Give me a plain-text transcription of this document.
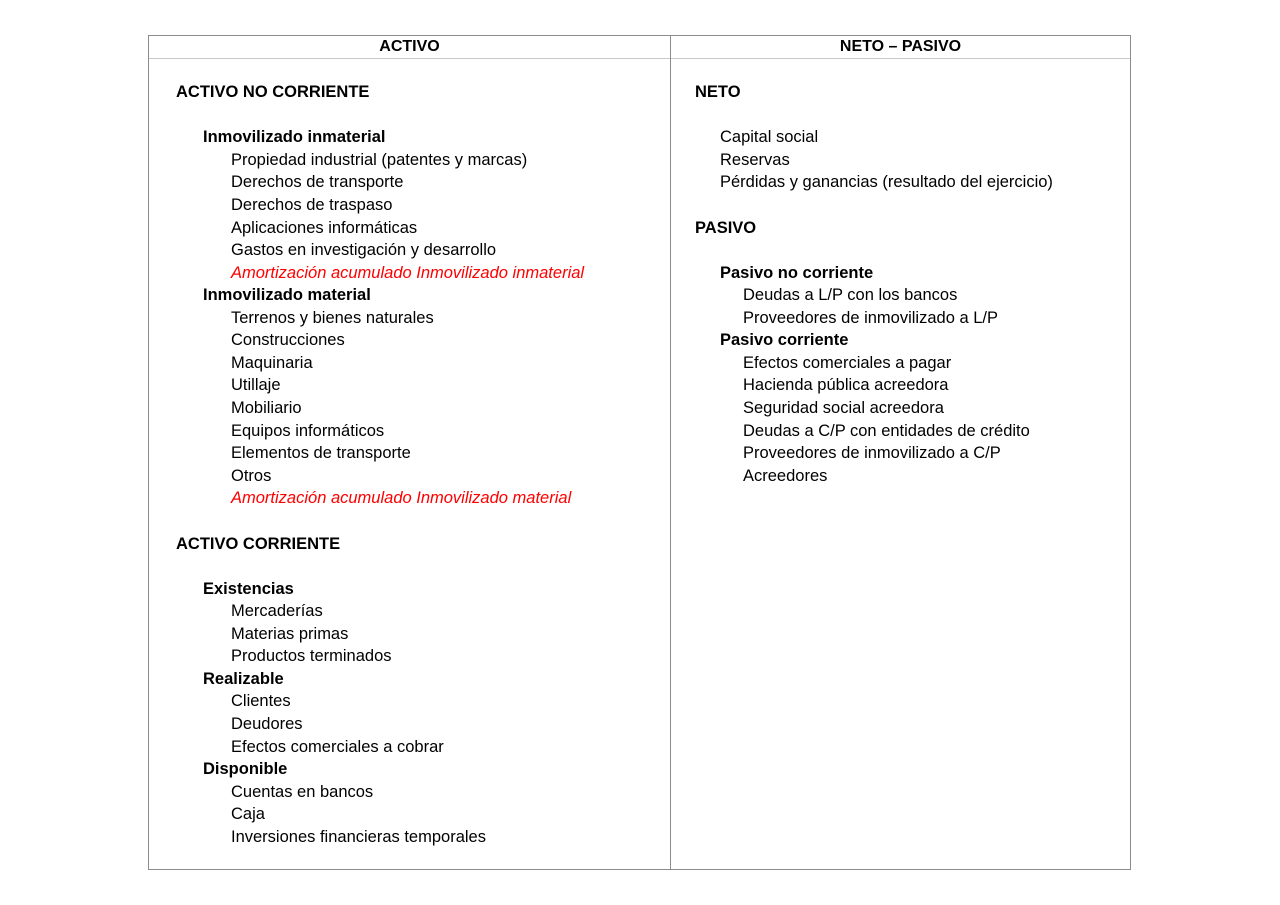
ACTIVO
ACTIVO NO CORRIENTE
Inmovilizado inmaterial
Propiedad industrial (patentes y marcas)
Derechos de transporte
Derechos de traspaso
Aplicaciones informáticas
Gastos en investigación y desarrollo
Amortización acumulado Inmovilizado inmaterial
Inmovilizado material
Terrenos y bienes naturales
Construcciones
Maquinaria
Utillaje
Mobiliario
Equipos informáticos
Elementos de transporte
Otros
Amortización acumulado Inmovilizado material
ACTIVO CORRIENTE
Existencias
Mercaderías
Materias primas
Productos terminados
Realizable
Clientes
Deudores
Efectos comerciales a cobrar
Disponible
Cuentas en bancos
Caja
Inversiones financieras temporales
NETO – PASIVO
NETO
Capital social
Reservas
Pérdidas y ganancias (resultado del ejercicio)
PASIVO
Pasivo no corriente
Deudas a L/P con los bancos
Proveedores de inmovilizado a L/P
Pasivo corriente
Efectos comerciales a pagar
Hacienda pública acreedora
Seguridad social acreedora
Deudas a C/P con entidades de crédito
Proveedores de inmovilizado a C/P
Acreedores
